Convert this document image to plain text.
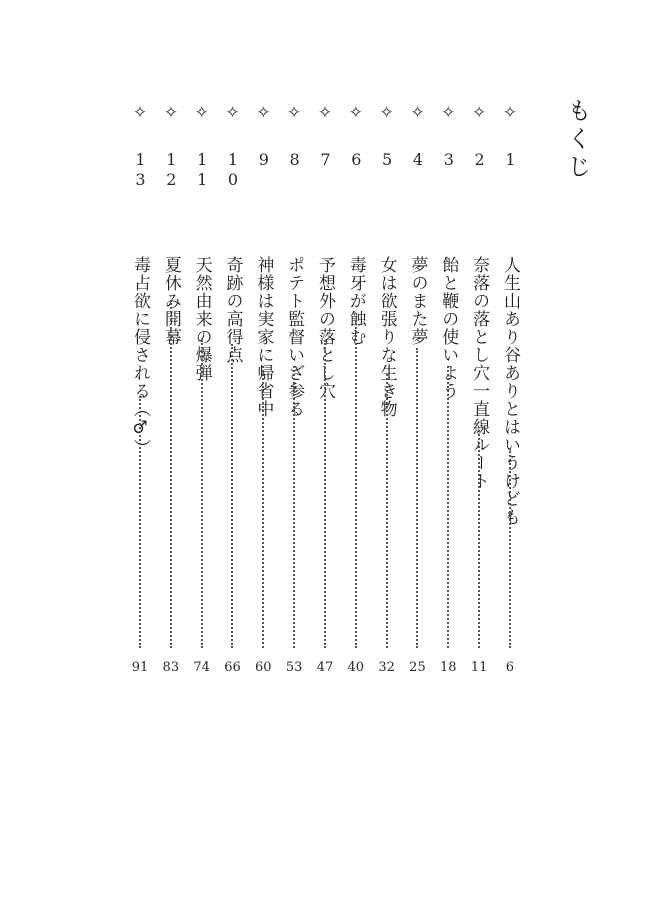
もくじ
✧
1
人生山あり谷ありとはいうけども
6
✧
2
奈落の落とし穴一直線ルート
11
✧
3
飴と鞭の使いよう
18
✧
4
夢のまた夢
25
✧
5
女は欲張りな生き物
32
✧
6
毒牙が蝕む
40
✧
7
予想外の落とし穴
47
✧
8
ポテト監督いざ参る
53
✧
9
神様は実家に帰省中
60
✧
10
奇跡の高得点
66
✧
11
天然由来の爆弾
74
✧
12
夏休み開幕
83
✧
13
毒占欲に侵される（♂）
91
